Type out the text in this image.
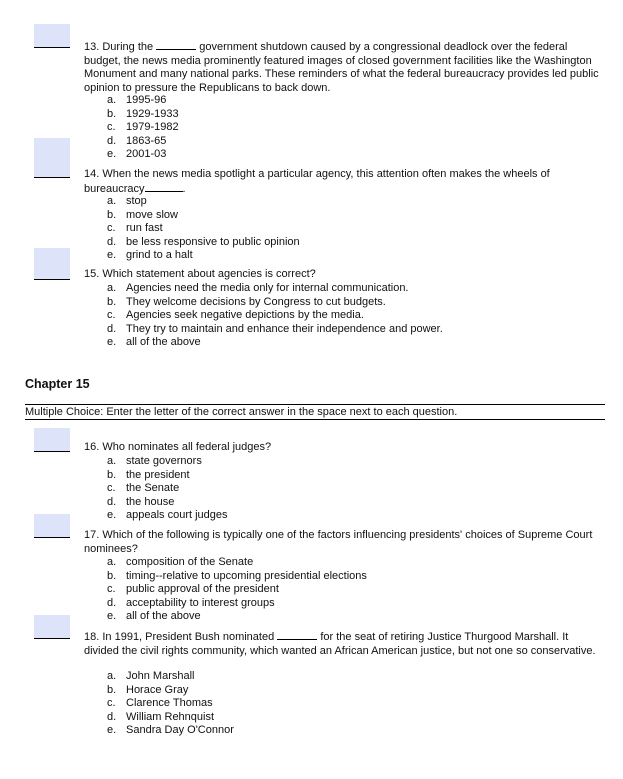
13. During the	government shutdown caused by a congressional deadlock over the federal budget, the news media prominently featured images of closed government facilities like the Washington Monument and many national parks. These reminders of what the federal bureaucracy provides led public opinion to pressure the Republicans to back down.
a. 1995-96
b. 1929-1933
c. 1979-1982
d. 1863-65
e. 2001-03
14. When the news media spotlight a particular agency, this attention often makes the wheels of bureaucracy	.
a. stop
b. move slow
c. run fast
d. be less responsive to public opinion
e. grind to a halt
15. Which statement about agencies is correct?
a. Agencies need the media only for internal communication.
b. They welcome decisions by Congress to cut budgets.
c. Agencies seek negative depictions by the media.
d. They try to maintain and enhance their independence and power.
e. all of the above
Chapter 15
Multiple Choice: Enter the letter of the correct answer in the space next to each question.
16. Who nominates all federal judges?
a. state governors
b. the president
c. the Senate
d. the house
e. appeals court judges
17. Which of the following is typically one of the factors influencing presidents' choices of Supreme Court nominees?
a. composition of the Senate
b. timing--relative to upcoming presidential elections
c. public approval of the president
d. acceptability to interest groups
e. all of the above
18. In 1991, President Bush nominated	for the seat of retiring Justice Thurgood Marshall. It divided the civil rights community, which wanted an African American justice, but not one so conservative.
a. John Marshall
b. Horace Gray
c. Clarence Thomas
d. William Rehnquist
e. Sandra Day O'Connor
